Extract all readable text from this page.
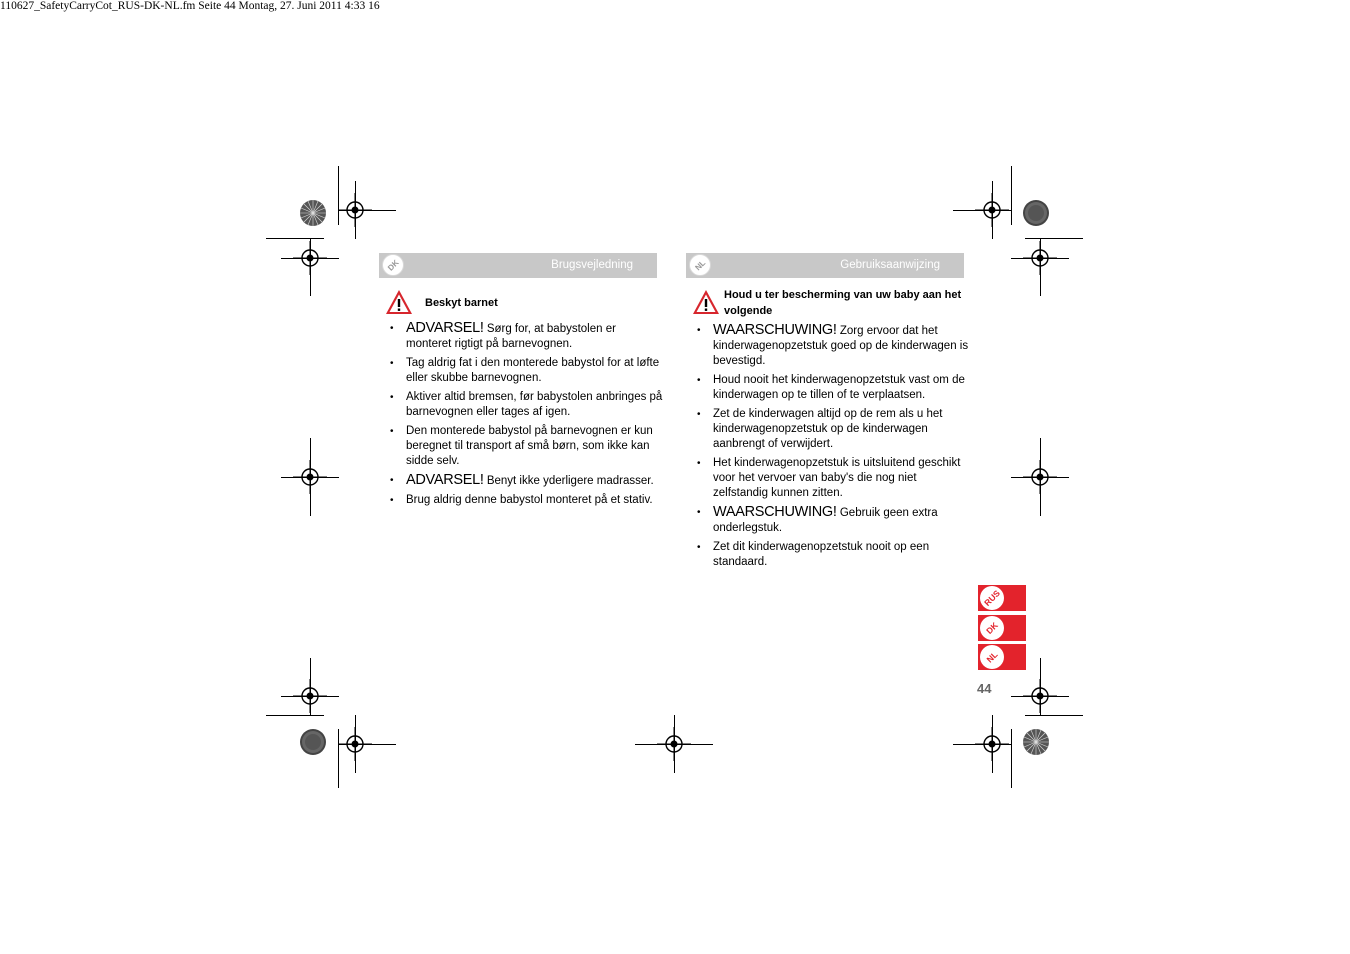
110627_SafetyCarryCot_RUS-DK-NL.fm Seite 44 Montag, 27. Juni 2011 4:33 16
DK	Brugsvejledning	NL	Gebruiksaanwijzing
Beskyt barnet
• ADVARSEL! Sørg for, at babystolen er monteret rigtigt på barnevognen.
• Tag aldrig fat i den monterede babystol for at løfte eller skubbe barnevognen.
• Aktiver altid bremsen, før babystolen anbringes på barnevognen eller tages af igen.
• Den monterede babystol på barnevognen er kun beregnet til transport af små børn, som ikke kan sidde selv.
• ADVARSEL! Benyt ikke yderligere madrasser.
• Brug aldrig denne babystol monteret på et stativ.
Houd u ter bescherming van uw baby aan het volgende
• WAARSCHUWING! Zorg ervoor dat het kinderwagenopzetstuk goed op de kinderwagen is bevestigd.
• Houd nooit het kinderwagenopzetstuk vast om de kinderwagen op te tillen of te verplaatsen.
• Zet de kinderwagen altijd op de rem als u het kinderwagenopzetstuk op de kinderwagen aanbrengt of verwijdert.
• Het kinderwagenopzetstuk is uitsluitend geschikt voor het vervoer van baby's die nog niet zelfstandig kunnen zitten.
• WAARSCHUWING! Gebruik geen extra onderlegstuk.
• Zet dit kinderwagenopzetstuk nooit op een standaard.
RUS
DK
NL
44
